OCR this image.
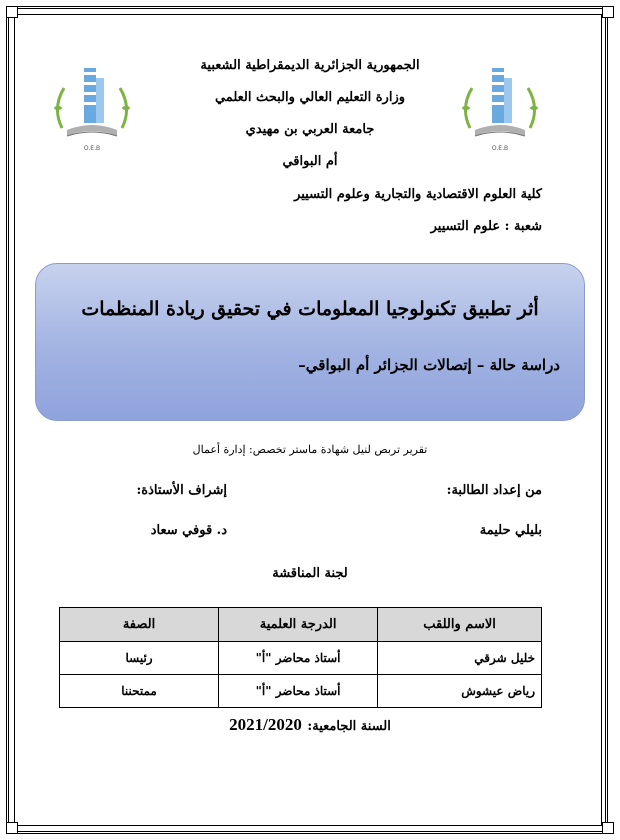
O.E.B	O.E.B
الجمهورية الجزائرية الديمقراطية الشعبية
وزارة التعليم العالي والبحث العلمي
جامعة العربي بن مهيدي
أم البواقي
كلية العلوم الاقتصادية والتجارية وعلوم التسيير
شعبة : علوم التسيير
أثر تطبيق تكنولوجيا المعلومات في تحقيق ريادة المنظمات
دراسة حالة – إتصالات الجزائر أم البواقي–
تقرير تربص لنيل شهادة ماستر تخصص: إدارة أعمال
من إعداد الطالبة:
إشراف الأستاذة:
بليلي حليمة
د. قوفي سعاد
لجنة المناقشة
الاسم واللقب	الدرجة العلمية	الصفة
خليل شرقي	أستاذ محاضر "أ"	رئيسا
رياض عيشوش	أستاذ محاضر "أ"	ممتحننا
السنة الجامعية: 2021/2020
